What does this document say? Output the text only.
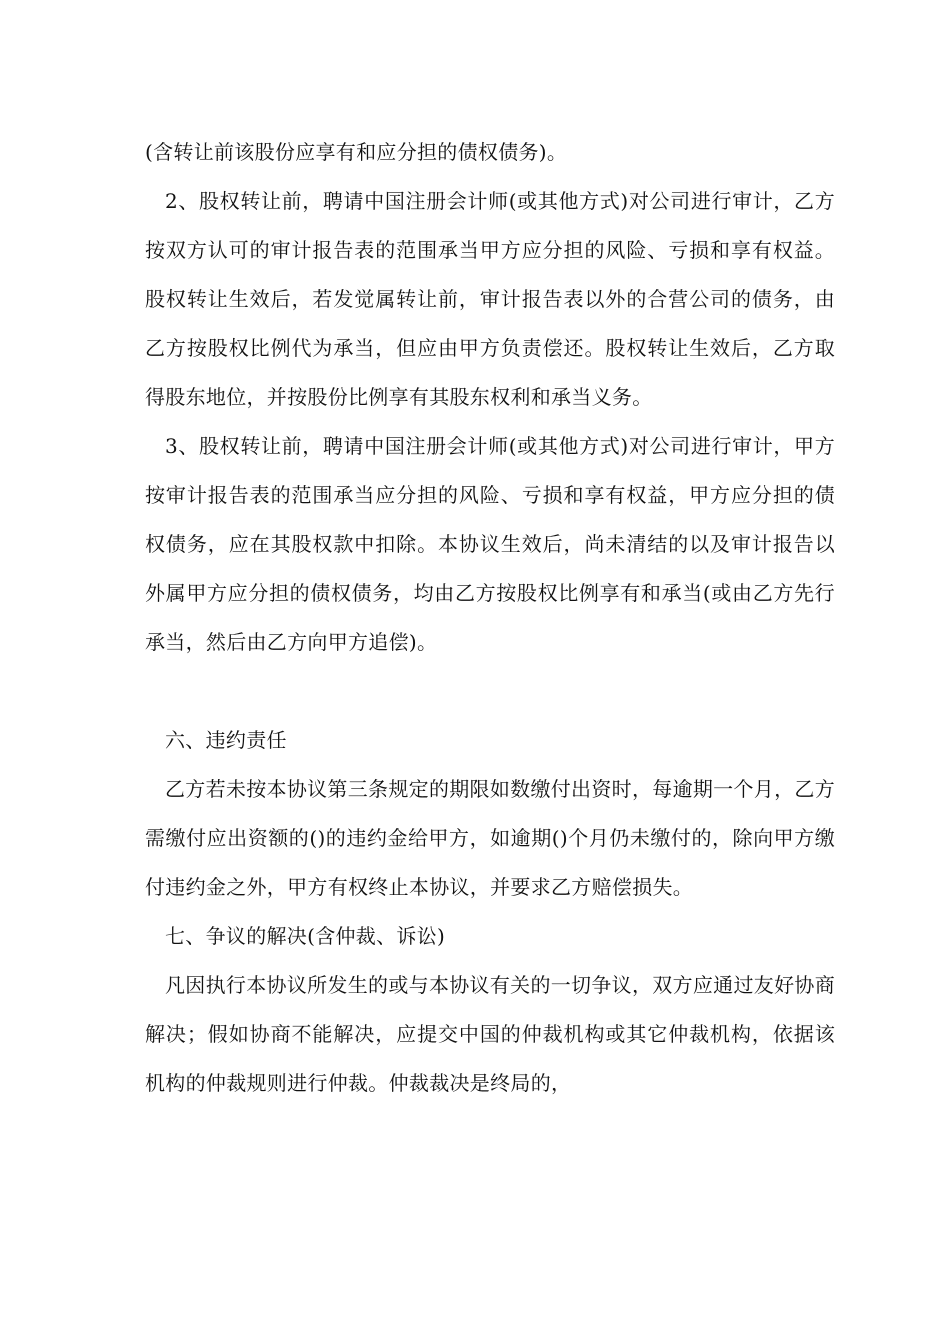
(含转让前该股份应享有和应分担的债权债务)。

2、股权转让前，聘请中国注册会计师(或其他方式)对公司进行审计，乙方按双方认可的审计报告表的范围承当甲方应分担的风险、亏损和享有权益。股权转让生效后，若发觉属转让前，审计报告表以外的合营公司的债务，由乙方按股权比例代为承当，但应由甲方负责偿还。股权转让生效后，乙方取得股东地位，并按股份比例享有其股东权利和承当义务。

3、股权转让前，聘请中国注册会计师(或其他方式)对公司进行审计，甲方按审计报告表的范围承当应分担的风险、亏损和享有权益，甲方应分担的债权债务，应在其股权款中扣除。本协议生效后，尚未清结的以及审计报告以外属甲方应分担的债权债务，均由乙方按股权比例享有和承当(或由乙方先行承当，然后由乙方向甲方追偿)。

六、违约责任

乙方若未按本协议第三条规定的期限如数缴付出资时，每逾期一个月，乙方需缴付应出资额的()的违约金给甲方，如逾期()个月仍未缴付的，除向甲方缴付违约金之外，甲方有权终止本协议，并要求乙方赔偿损失。

七、争议的解决(含仲裁、诉讼)

凡因执行本协议所发生的或与本协议有关的一切争议，双方应通过友好协商解决；假如协商不能解决，应提交中国的仲裁机构或其它仲裁机构，依据该机构的仲裁规则进行仲裁。仲裁裁决是终局的，
